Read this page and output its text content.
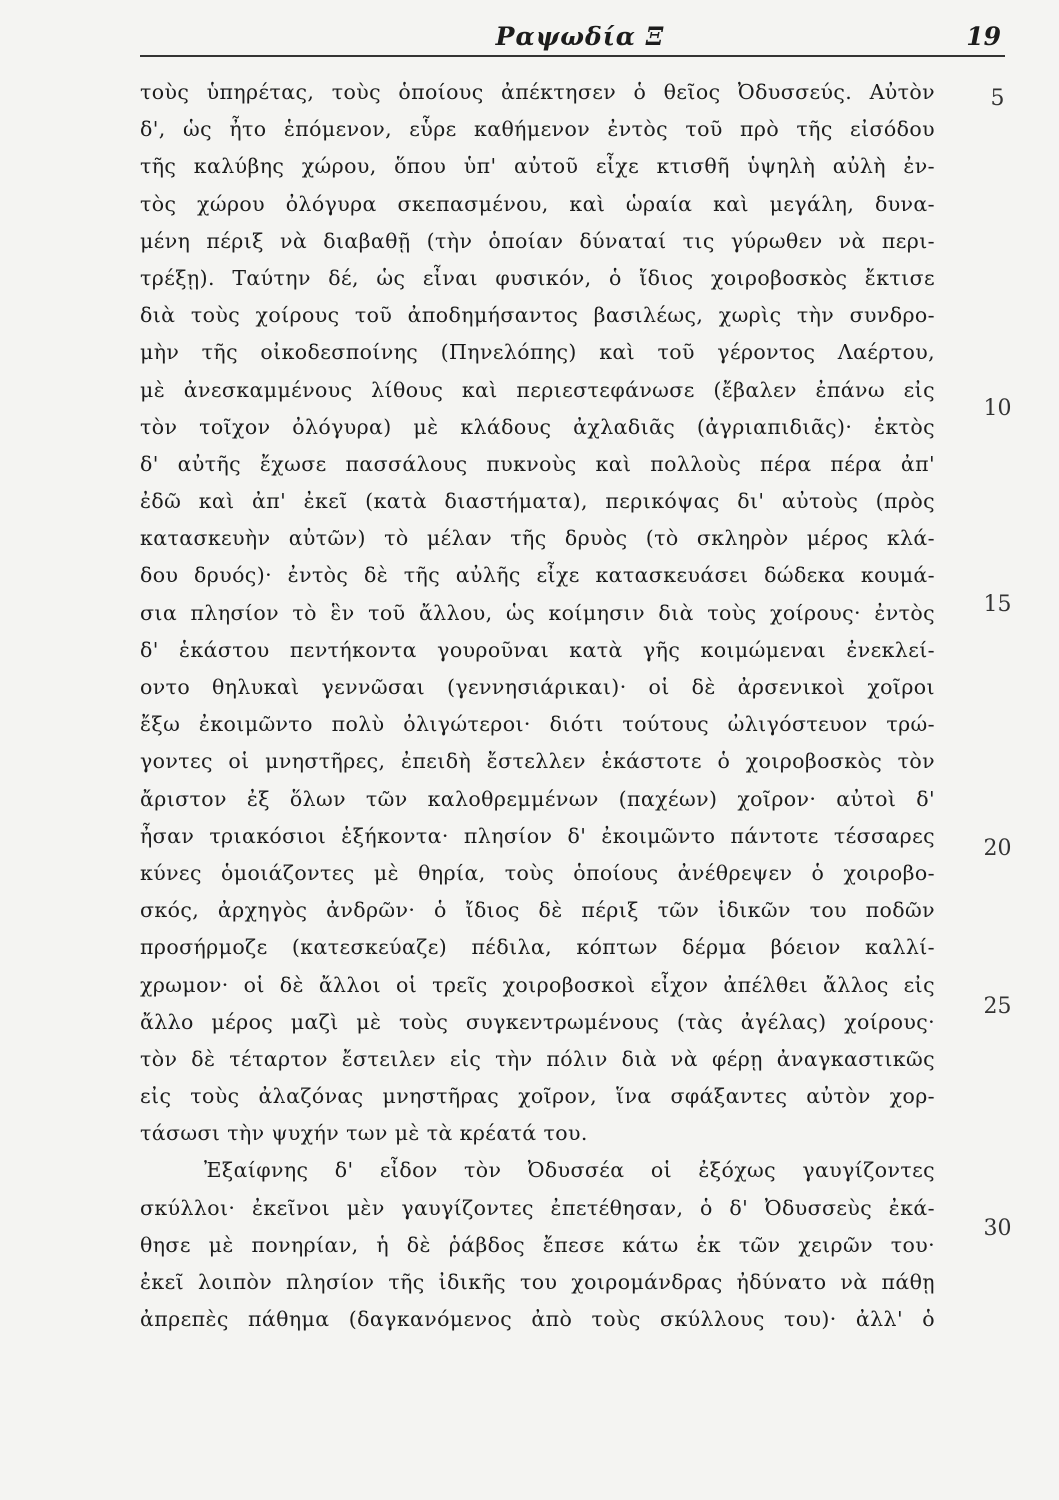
Ραψωδία Ξ	19
τοὺς ὑπηρέτας, τοὺς ὁποίους ἀπέκτησεν ὁ θεῖος Ὀδυσσεύς. Αὐτὸν
δ', ὡς ἦτο ἑπόμενον, εὗρε καθήμενον ἐντὸς τοῦ πρὸ τῆς εἰσόδου
τῆς καλύβης χώρου, ὅπου ὑπ' αὐτοῦ εἶχε κτισθῆ ὑψηλὴ αὐλὴ ἐν-
τὸς χώρου ὀλόγυρα σκεπασμένου, καὶ ὡραία καὶ μεγάλη, δυνα-
μένη πέριξ νὰ διαβαθῇ (τὴν ὁποίαν δύναταί τις γύρωθεν νὰ περι-
τρέξῃ). Ταύτην δέ, ὡς εἶναι φυσικόν, ὁ ἴδιος χοιροβοσκὸς ἔκτισε
διὰ τοὺς χοίρους τοῦ ἀποδημήσαντος βασιλέως, χωρὶς τὴν συνδρο-
μὴν τῆς οἰκοδεσποίνης (Πηνελόπης) καὶ τοῦ γέροντος Λαέρτου,
μὲ ἀνεσκαμμένους λίθους καὶ περιεστεφάνωσε (ἔβαλεν ἐπάνω εἰς
τὸν τοῖχον ὀλόγυρα) μὲ κλάδους ἀχλαδιᾶς (ἀγριαπιδιᾶς)· ἐκτὸς
δ' αὐτῆς ἔχωσε πασσάλους πυκνοὺς καὶ πολλοὺς πέρα πέρα ἀπ'
ἐδῶ καὶ ἀπ' ἐκεῖ (κατὰ διαστήματα), περικόψας δι' αὐτοὺς (πρὸς
κατασκευὴν αὐτῶν) τὸ μέλαν τῆς δρυὸς (τὸ σκληρὸν μέρος κλά-
δου δρυός)· ἐντὸς δὲ τῆς αὐλῆς εἶχε κατασκευάσει δώδεκα κουμά-
σια πλησίον τὸ ἓν τοῦ ἄλλου, ὡς κοίμησιν διὰ τοὺς χοίρους· ἐντὸς
δ' ἑκάστου πεντήκοντα γουροῦναι κατὰ γῆς κοιμώμεναι ἐνεκλεί-
οντο θηλυκαὶ γεννῶσαι (γεννησιάρικαι)· οἱ δὲ ἀρσενικοὶ χοῖροι
ἔξω ἐκοιμῶντο πολὺ ὀλιγώτεροι· διότι τούτους ὠλιγόστευον τρώ-
γοντες οἱ μνηστῆρες, ἐπειδὴ ἔστελλεν ἑκάστοτε ὁ χοιροβοσκὸς τὸν
ἄριστον ἐξ ὅλων τῶν καλοθρεμμένων (παχέων) χοῖρον· αὐτοὶ δ'
ἦσαν τριακόσιοι ἑξήκοντα· πλησίον δ' ἐκοιμῶντο πάντοτε τέσσαρες
κύνες ὁμοιάζοντες μὲ θηρία, τοὺς ὁποίους ἀνέθρεψεν ὁ χοιροβο-
σκός, ἀρχηγὸς ἀνδρῶν· ὁ ἴδιος δὲ πέριξ τῶν ἰδικῶν του ποδῶν
προσήρμοζε (κατεσκεύαζε) πέδιλα, κόπτων δέρμα βόειον καλλί-
χρωμον· οἱ δὲ ἄλλοι οἱ τρεῖς χοιροβοσκοὶ εἶχον ἀπέλθει ἄλλος εἰς
ἄλλο μέρος μαζὶ μὲ τοὺς συγκεντρωμένους (τὰς ἀγέλας) χοίρους·
τὸν δὲ τέταρτον ἔστειλεν εἰς τὴν πόλιν διὰ νὰ φέρῃ ἀναγκαστικῶς
εἰς τοὺς ἀλαζόνας μνηστῆρας χοῖρον, ἵνα σφάξαντες αὐτὸν χορ-
τάσωσι τὴν ψυχήν των μὲ τὰ κρέατά του.
Ἐξαίφνης δ' εἶδον τὸν Ὀδυσσέα οἱ ἐξόχως γαυγίζοντες
σκύλλοι· ἐκεῖνοι μὲν γαυγίζοντες ἐπετέθησαν, ὁ δ' Ὀδυσσεὺς ἐκά-
θησε μὲ πονηρίαν, ἡ δὲ ῥάβδος ἔπεσε κάτω ἐκ τῶν χειρῶν του·
ἐκεῖ λοιπὸν πλησίον τῆς ἰδικῆς του χοιρομάνδρας ἠδύνατο νὰ πάθῃ
ἀπρεπὲς πάθημα (δαγκανόμενος ἀπὸ τοὺς σκύλλους του)· ἀλλ' ὁ
5
10
15
20
25
30
